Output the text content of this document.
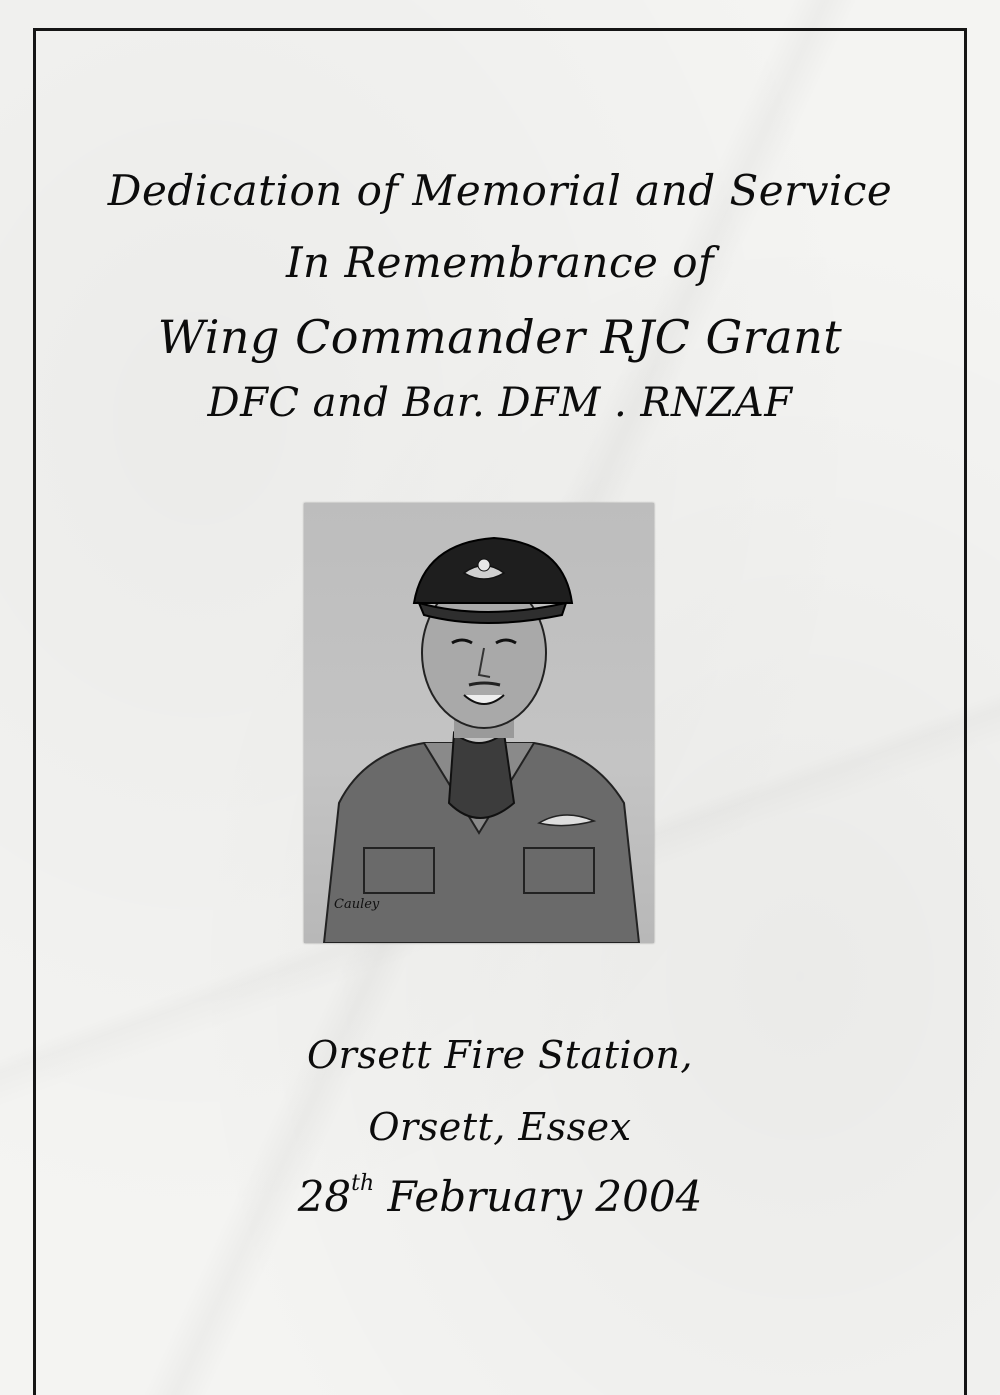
Dedication of Memorial and Service
In Remembrance of
Wing Commander RJC Grant
DFC and Bar. DFM . RNZAF
Cauley
Orsett Fire Station,
Orsett, Essex
28th February 2004
